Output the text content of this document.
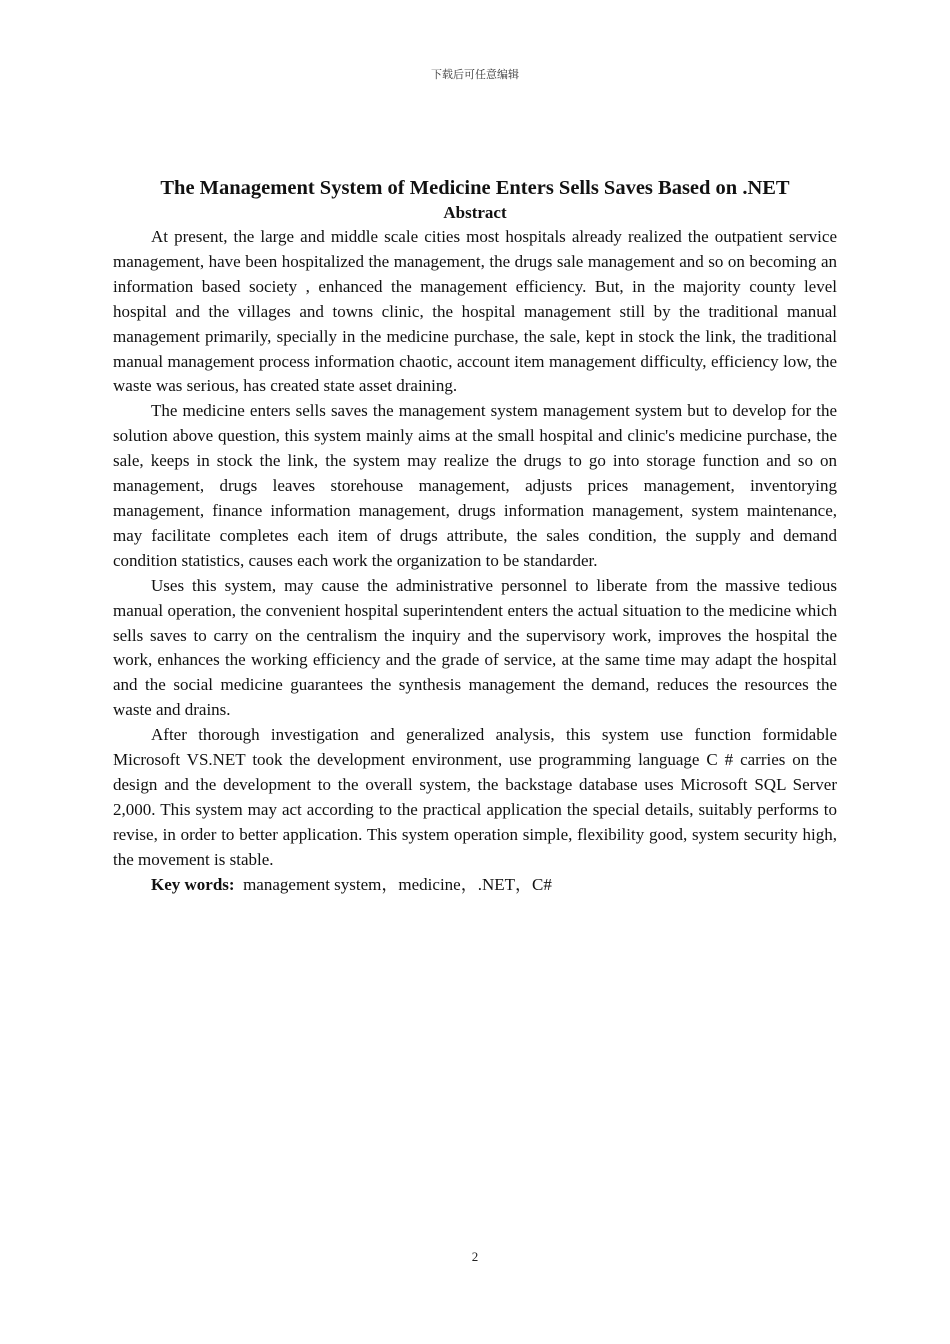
下载后可任意编辑
The Management System of Medicine Enters Sells Saves Based on .NET
Abstract

At present, the large and middle scale cities most hospitals already realized the outpatient service management, have been hospitalized the management, the drugs sale management and so on becoming an information based society , enhanced the management efficiency. But, in the majority county level hospital and the villages and towns clinic, the hospital management still by the traditional manual management primarily, specially in the medicine purchase, the sale, kept in stock the link, the traditional manual management process information chaotic, account item management difficulty, efficiency low, the waste was serious, has created state asset draining.

The medicine enters sells saves the management system management system but to develop for the solution above question, this system mainly aims at the small hospital and clinic's medicine purchase, the sale, keeps in stock the link, the system may realize the drugs to go into storage function and so on management, drugs leaves storehouse management, adjusts prices management, inventorying management, finance information management, drugs information management, system maintenance, may facilitate completes each item of drugs attribute, the sales condition, the supply and demand condition statistics, causes each work the organization to be standarder.

Uses this system, may cause the administrative personnel to liberate from the massive tedious manual operation, the convenient hospital superintendent enters the actual situation to the medicine which sells saves to carry on the centralism the inquiry and the supervisory work, improves the hospital the work, enhances the working efficiency and the grade of service, at the same time may adapt the hospital and the social medicine guarantees the synthesis management the demand, reduces the resources the waste and drains.

After thorough investigation and generalized analysis, this system use function formidable Microsoft VS.NET took the development environment, use programming language C # carries on the design and the development to the overall system, the backstage database uses Microsoft SQL Server 2,000. This system may act according to the practical application the special details, suitably performs to revise, in order to better application. This system operation simple, flexibility good, system security high, the movement is stable.

Key words: management system，medicine，.NET，C#

2
